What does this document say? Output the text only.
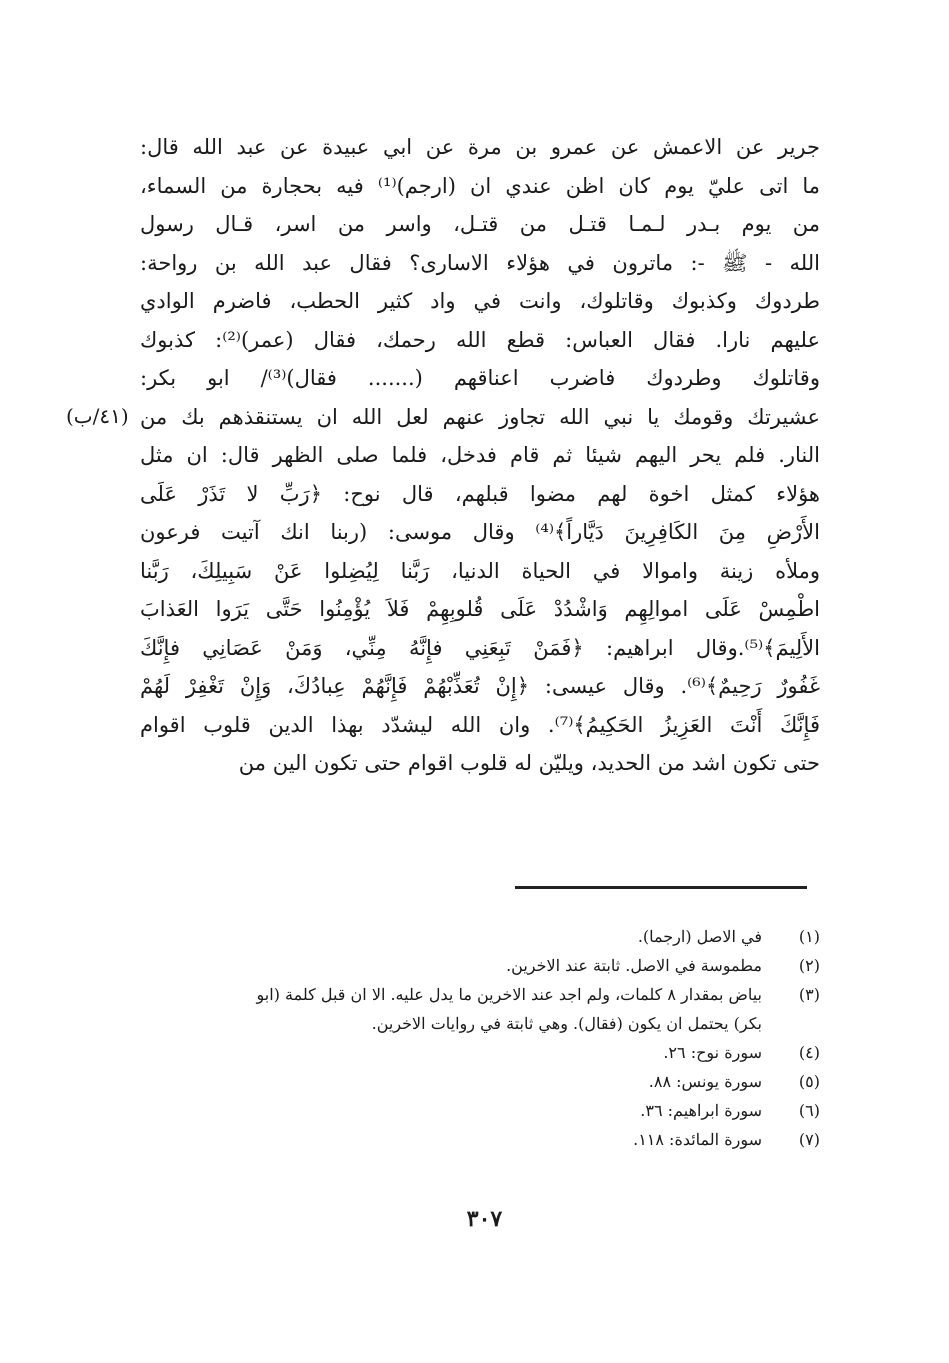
جرير عن الاعمش عن عمرو بن مرة عن ابي عبيدة عن عبد الله قال:
ما اتى عليّ يوم كان اظن عندي ان (ارجم)⁽¹⁾ فيه بحجارة من السماء،
من يوم بـدر لـمـا قتـل من قتـل، واسر من اسر، قـال رسول
الله - ﷺ -: ماترون في هؤلاء الاسارى؟ فقال عبد الله بن رواحة:
طردوك وكذبوك وقاتلوك، وانت في واد كثير الحطب، فاضرم الوادي
عليهم نارا. فقال العباس: قطع الله رحمك، فقال (عمر)⁽²⁾: كذبوك
وقاتلوك وطردوك فاضرب اعناقهم (....... فقال)⁽³⁾/ ابو بكر:
عشيرتك وقومك يا نبي الله تجاوز عنهم لعل الله ان يستنقذهم بك من
النار. فلم يحر اليهم شيئا ثم قام فدخل، فلما صلى الظهر قال: ان مثل
هؤلاء كمثل اخوة لهم مضوا قبلهم، قال نوح: ﴿رَبِّ لا تَذَرْ عَلَى
الأَرْضِ مِنَ الكَافِرِينَ دَيَّاراً﴾⁽⁴⁾ وقال موسى: (ربنا انك آتيت فرعون
وملأه زينة واموالا في الحياة الدنيا، رَبَّنا لِيُضِلوا عَنْ سَبِيلِكَ، رَبَّنا
اطْمِسْ عَلَى اموالِهِم وَاشْدُدْ عَلَى قُلوبِهِمْ فَلاَ يُؤْمِنُوا حَتَّى يَرَوا العَذابَ
الأَلِيمَ﴾⁽⁵⁾.وقال ابراهيم: ﴿فَمَنْ تَبِعَنِي فإِنَّهُ مِنِّي، وَمَنْ عَصَانِي فإِنَّكَ
غَفُورٌ رَحِيمٌ﴾⁽⁶⁾. وقال عيسى: ﴿إِنْ تُعَذِّبْهُمْ فَإِنَّهُمْ عِبادُكَ، وَإِنْ تَغْفِرْ لَهُمْ
فَإِنَّكَ أَنْتَ العَزِيزُ الحَكِيمُ﴾⁽⁷⁾. وان الله ليشدّد بهذا الدين قلوب اقوام
حتى تكون اشد من الحديد، ويليّن له قلوب اقوام حتى تكون الين من
(٤١/ب)
(١)
في الاصل (ارجما).
(٢)
مطموسة في الاصل. ثابتة عند الاخرين.
(٣)
بياض بمقدار ٨ كلمات، ولم اجد عند الاخرين ما يدل عليه. الا ان قبل كلمة (ابو
بكر) يحتمل ان يكون (فقال). وهي ثابتة في روايات الاخرين.
(٤)
سورة نوح: ٢٦.
(٥)
سورة يونس: ٨٨.
(٦)
سورة ابراهيم: ٣٦.
(٧)
سورة المائدة: ١١٨.
٣٠٧
